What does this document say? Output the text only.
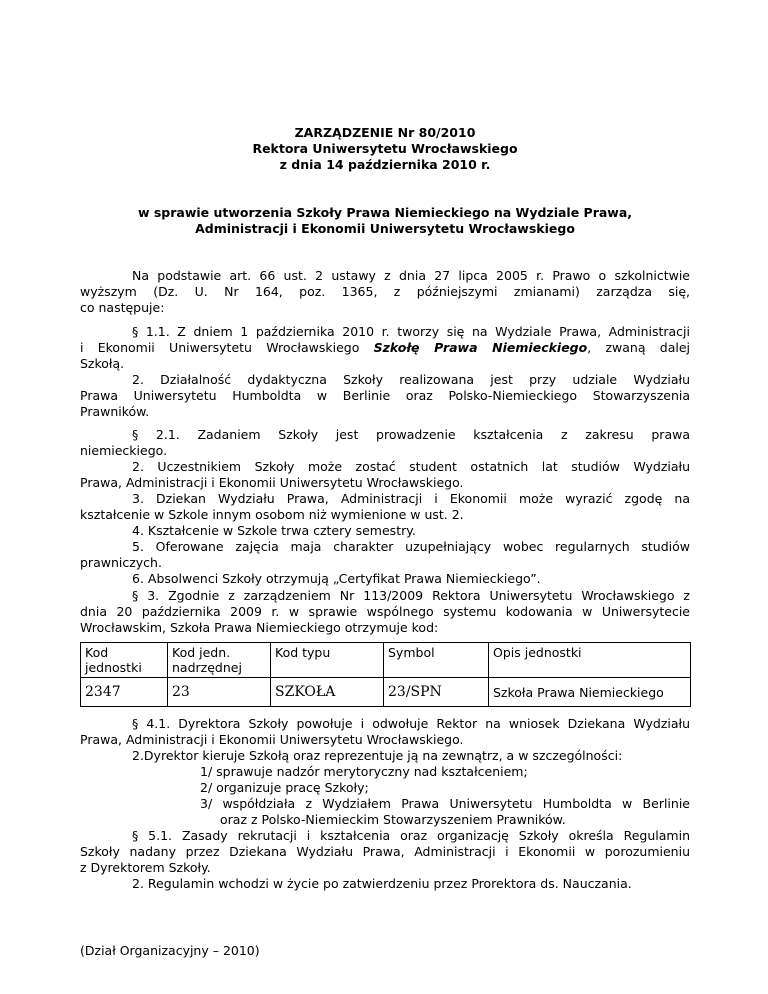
ZARZĄDZENIE Nr 80/2010
Rektora Uniwersytetu Wrocławskiego
z dnia 14 października 2010 r.
w sprawie utworzenia Szkoły Prawa Niemieckiego na Wydziale Prawa,
Administracji i Ekonomii Uniwersytetu Wrocławskiego
Na podstawie art. 66 ust. 2 ustawy z dnia 27 lipca 2005 r. Prawo o szkolnictwie
wyższym (Dz. U. Nr 164, poz. 1365, z późniejszymi zmianami) zarządza się,
co następuje:
§ 1.1. Z dniem 1 października 2010 r. tworzy się na Wydziale Prawa, Administracji
i Ekonomii Uniwersytetu Wrocławskiego Szkołę Prawa Niemieckiego, zwaną dalej
Szkołą.
2. Działalność dydaktyczna Szkoły realizowana jest przy udziale Wydziału
Prawa Uniwersytetu Humboldta w Berlinie oraz Polsko-Niemieckiego Stowarzyszenia
Prawników.
§ 2.1. Zadaniem Szkoły jest prowadzenie kształcenia z zakresu prawa
niemieckiego.
2. Uczestnikiem Szkoły może zostać student ostatnich lat studiów Wydziału
Prawa, Administracji i Ekonomii Uniwersytetu Wrocławskiego.
3. Dziekan Wydziału Prawa, Administracji i Ekonomii może wyrazić zgodę na
kształcenie w Szkole innym osobom niż wymienione w ust. 2.
4. Kształcenie w Szkole trwa cztery semestry.
5. Oferowane zajęcia maja charakter uzupełniający wobec regularnych studiów
prawniczych.
6. Absolwenci Szkoły otrzymują „Certyfikat Prawa Niemieckiego”.
§ 3. Zgodnie z zarządzeniem Nr 113/2009 Rektora Uniwersytetu Wrocławskiego z
dnia 20 października 2009 r. w sprawie wspólnego systemu kodowania w Uniwersytecie
Wrocławskim, Szkoła Prawa Niemieckiego otrzymuje kod:
Kod jednostki	Kod jedn. nadrzędnej	Kod typu	Symbol	Opis jednostki
2347	23	SZKOŁA	23/SPN	Szkoła Prawa Niemieckiego
§ 4.1. Dyrektora Szkoły powołuje i odwołuje Rektor na wniosek Dziekana Wydziału
Prawa, Administracji i Ekonomii Uniwersytetu Wrocławskiego.
2.Dyrektor kieruje Szkołą oraz reprezentuje ją na zewnątrz, a w szczególności:
1/ sprawuje nadzór merytoryczny nad kształceniem;
2/ organizuje pracę Szkoły;
3/ współdziała z Wydziałem Prawa Uniwersytetu Humboldta w Berlinie
oraz z Polsko-Niemieckim Stowarzyszeniem Prawników.
§ 5.1. Zasady rekrutacji i kształcenia oraz organizację Szkoły określa Regulamin
Szkoły nadany przez Dziekana Wydziału Prawa, Administracji i Ekonomii w porozumieniu
z Dyrektorem Szkoły.
2. Regulamin wchodzi w życie po zatwierdzeniu przez Prorektora ds. Nauczania.
(Dział Organizacyjny – 2010)
